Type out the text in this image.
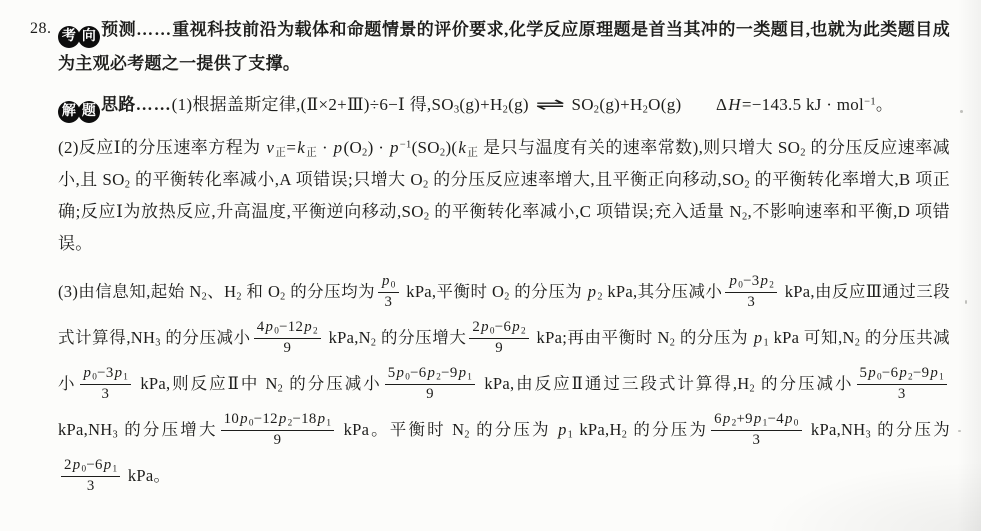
28. 考 向 预测……重视科技前沿为载体和命题情景的评价要求,化学反应原理题是首当其冲的一类题目,也就为此类题目成为主观必考题之一提供了支撑。

解 题 思路……(1)根据盖斯定律,(Ⅱ×2+Ⅲ)÷6−Ⅰ 得$,SO_3(g)+H_2(g)$ ⇌ $SO_2(g)+H_2O(g)$　　ΔH=−143.5 kJ · mol$^{-1}$。

(2)反应Ⅰ的分压速率方程为 $v_正=k_正 \cdot p(O_2) \cdot p^{-1}(SO_2)(k_正$ 是只与温度有关的速率常数),则只增大 $SO_2$ 的分压反应速率减小,且 $SO_2$ 的平衡转化率减小,A 项错误;只增大 $O_2$ 的分压反应速率增大,且平衡正向移动$,SO_2$ 的平衡转化率增大,B 项正确;反应Ⅰ为放热反应,升高温度,平衡逆向移动$,SO_2$ 的平衡转化率减小,C 项错误;充入适量 $N_2$,不影响速率和平衡,D 项错误。

(3)由信息知,起始 $N_2$、$H_2$ 和 $O_2$ 的分压均为 $\frac{p_0}{3}$ kPa,平衡时 $O_2$ 的分压为 $p_2$ kPa,其分压减小 $\frac{p_0-3p_2}{3}$ kPa,由反应Ⅲ通过三段式计算得$,NH_3$ 的分压减小 $\frac{4p_0-12p_2}{9} kPa,N_2$ 的分压增大 $\frac{2p_0-6p_2}{9}$ kPa;再由平衡时 $N_2$ 的分压为 $p_1$ kPa 可知$,N_2$ 的分压共减小 $\frac{p_0-3p_1}{3}$ kPa,则反应Ⅱ中 $N_2$ 的分压减小 $\frac{5p_0-6p_2-9p_1}{9}$ kPa,由反应Ⅱ通过三段式计算得$,H_2$ 的分压减小 $\frac{5p_0-6p_2-9p_1}{3}$
$kPa,NH_3$ 的分压增大 $\frac{10p_0-12p_2-18p_1}{9}$ kPa。平衡时 $N_2$ 的分压为 $p_1$ $kPa,H_2$ 的分压为 $\frac{6p_2+9p_1-4p_0}{3} kPa,NH_3$ 的分压为
$\frac{2p_0-6p_1}{3}$ kPa。
